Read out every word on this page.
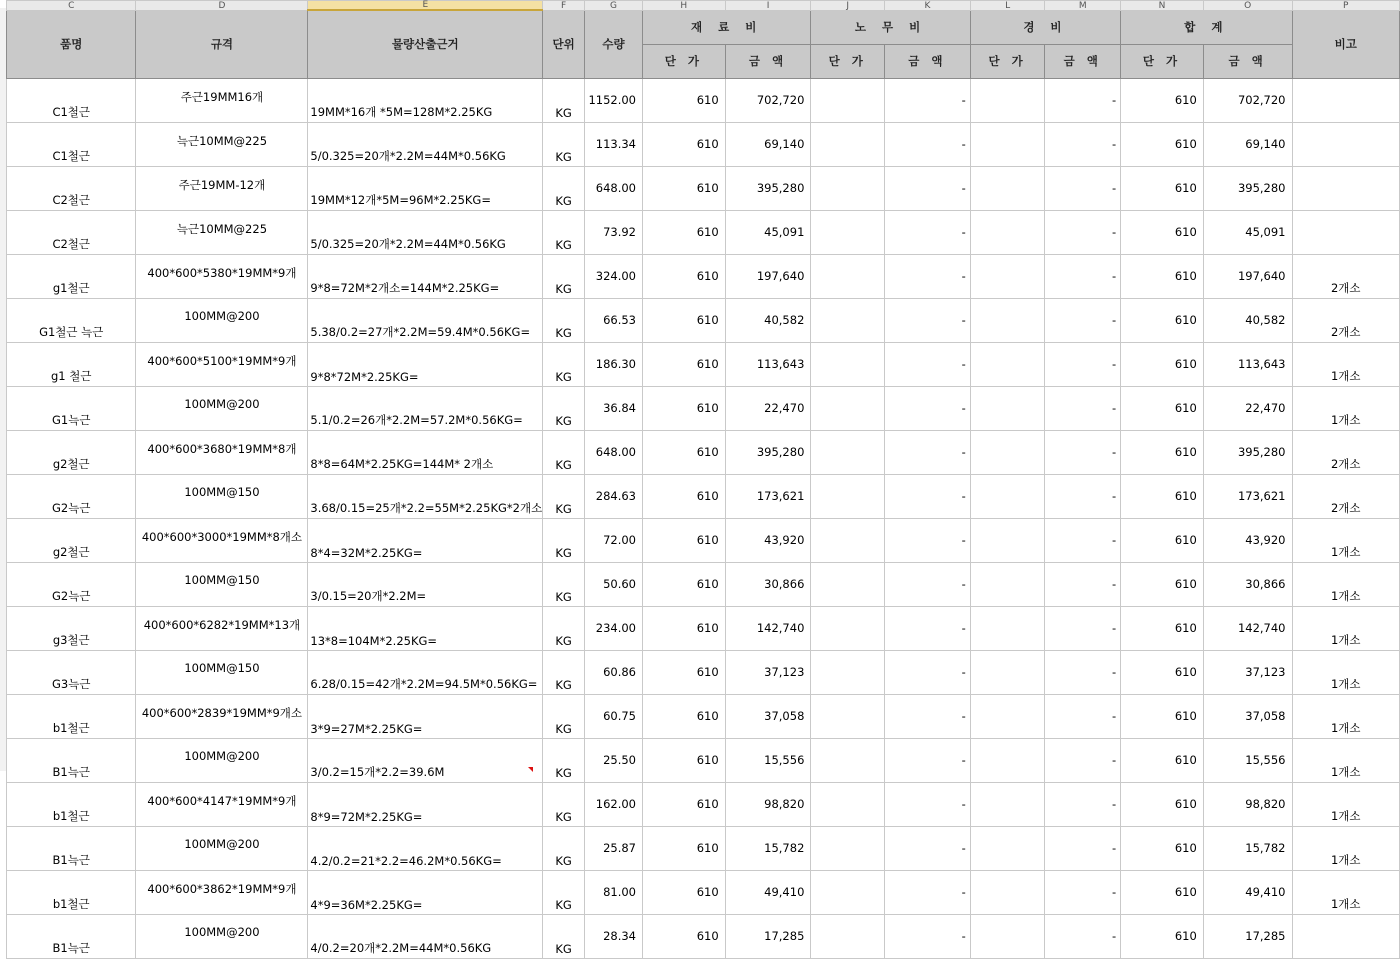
C	D	E	F	G	H	I	J	K	L	M	N	O	P
품명	규격	물량산출근거	단위	수량	재 료 비		노 무 비		경 비		합 계		비고
					단 가	금 액	단 가	금 액	단 가	금 액	단 가	금 액	
C1철근	주근19MM16개	19MM*16개 *5M=128M*2.25KG	KG	1152.00	610	702,720		-		-	610	702,720	
C1철근	늑근10MM@225	5/0.325=20개*2.2M=44M*0.56KG	KG	113.34	610	69,140		-		-	610	69,140	
C2철근	주근19MM-12개	19MM*12개*5M=96M*2.25KG=	KG	648.00	610	395,280		-		-	610	395,280	
C2철근	늑근10MM@225	5/0.325=20개*2.2M=44M*0.56KG	KG	73.92	610	45,091		-		-	610	45,091	
g1철근	400*600*5380*19MM*9개	9*8=72M*2개소=144M*2.25KG=	KG	324.00	610	197,640		-		-	610	197,640	2개소
G1철근 늑근	100MM@200	5.38/0.2=27개*2.2M=59.4M*0.56KG=	KG	66.53	610	40,582		-		-	610	40,582	2개소
g1 철근	400*600*5100*19MM*9개	9*8*72M*2.25KG=	KG	186.30	610	113,643		-		-	610	113,643	1개소
G1늑근	100MM@200	5.1/0.2=26개*2.2M=57.2M*0.56KG=	KG	36.84	610	22,470		-		-	610	22,470	1개소
g2철근	400*600*3680*19MM*8개	8*8=64M*2.25KG=144M* 2개소	KG	648.00	610	395,280		-		-	610	395,280	2개소
G2늑근	100MM@150	3.68/0.15=25개*2.2=55M*2.25KG*2개소	KG	284.63	610	173,621		-		-	610	173,621	2개소
g2철근	400*600*3000*19MM*8개소	8*4=32M*2.25KG=	KG	72.00	610	43,920		-		-	610	43,920	1개소
G2늑근	100MM@150	3/0.15=20개*2.2M=	KG	50.60	610	30,866		-		-	610	30,866	1개소
g3철근	400*600*6282*19MM*13개	13*8=104M*2.25KG=	KG	234.00	610	142,740		-		-	610	142,740	1개소
G3늑근	100MM@150	6.28/0.15=42개*2.2M=94.5M*0.56KG=	KG	60.86	610	37,123		-		-	610	37,123	1개소
b1철근	400*600*2839*19MM*9개소	3*9=27M*2.25KG=	KG	60.75	610	37,058		-		-	610	37,058	1개소
B1늑근	100MM@200	3/0.2=15개*2.2=39.6M	KG	25.50	610	15,556		-		-	610	15,556	1개소
b1철근	400*600*4147*19MM*9개	8*9=72M*2.25KG=	KG	162.00	610	98,820		-		-	610	98,820	1개소
B1늑근	100MM@200	4.2/0.2=21*2.2=46.2M*0.56KG=	KG	25.87	610	15,782		-		-	610	15,782	1개소
b1철근	400*600*3862*19MM*9개	4*9=36M*2.25KG=	KG	81.00	610	49,410		-		-	610	49,410	1개소
B1늑근	100MM@200	4/0.2=20개*2.2M=44M*0.56KG	KG	28.34	610	17,285		-		-	610	17,285	
